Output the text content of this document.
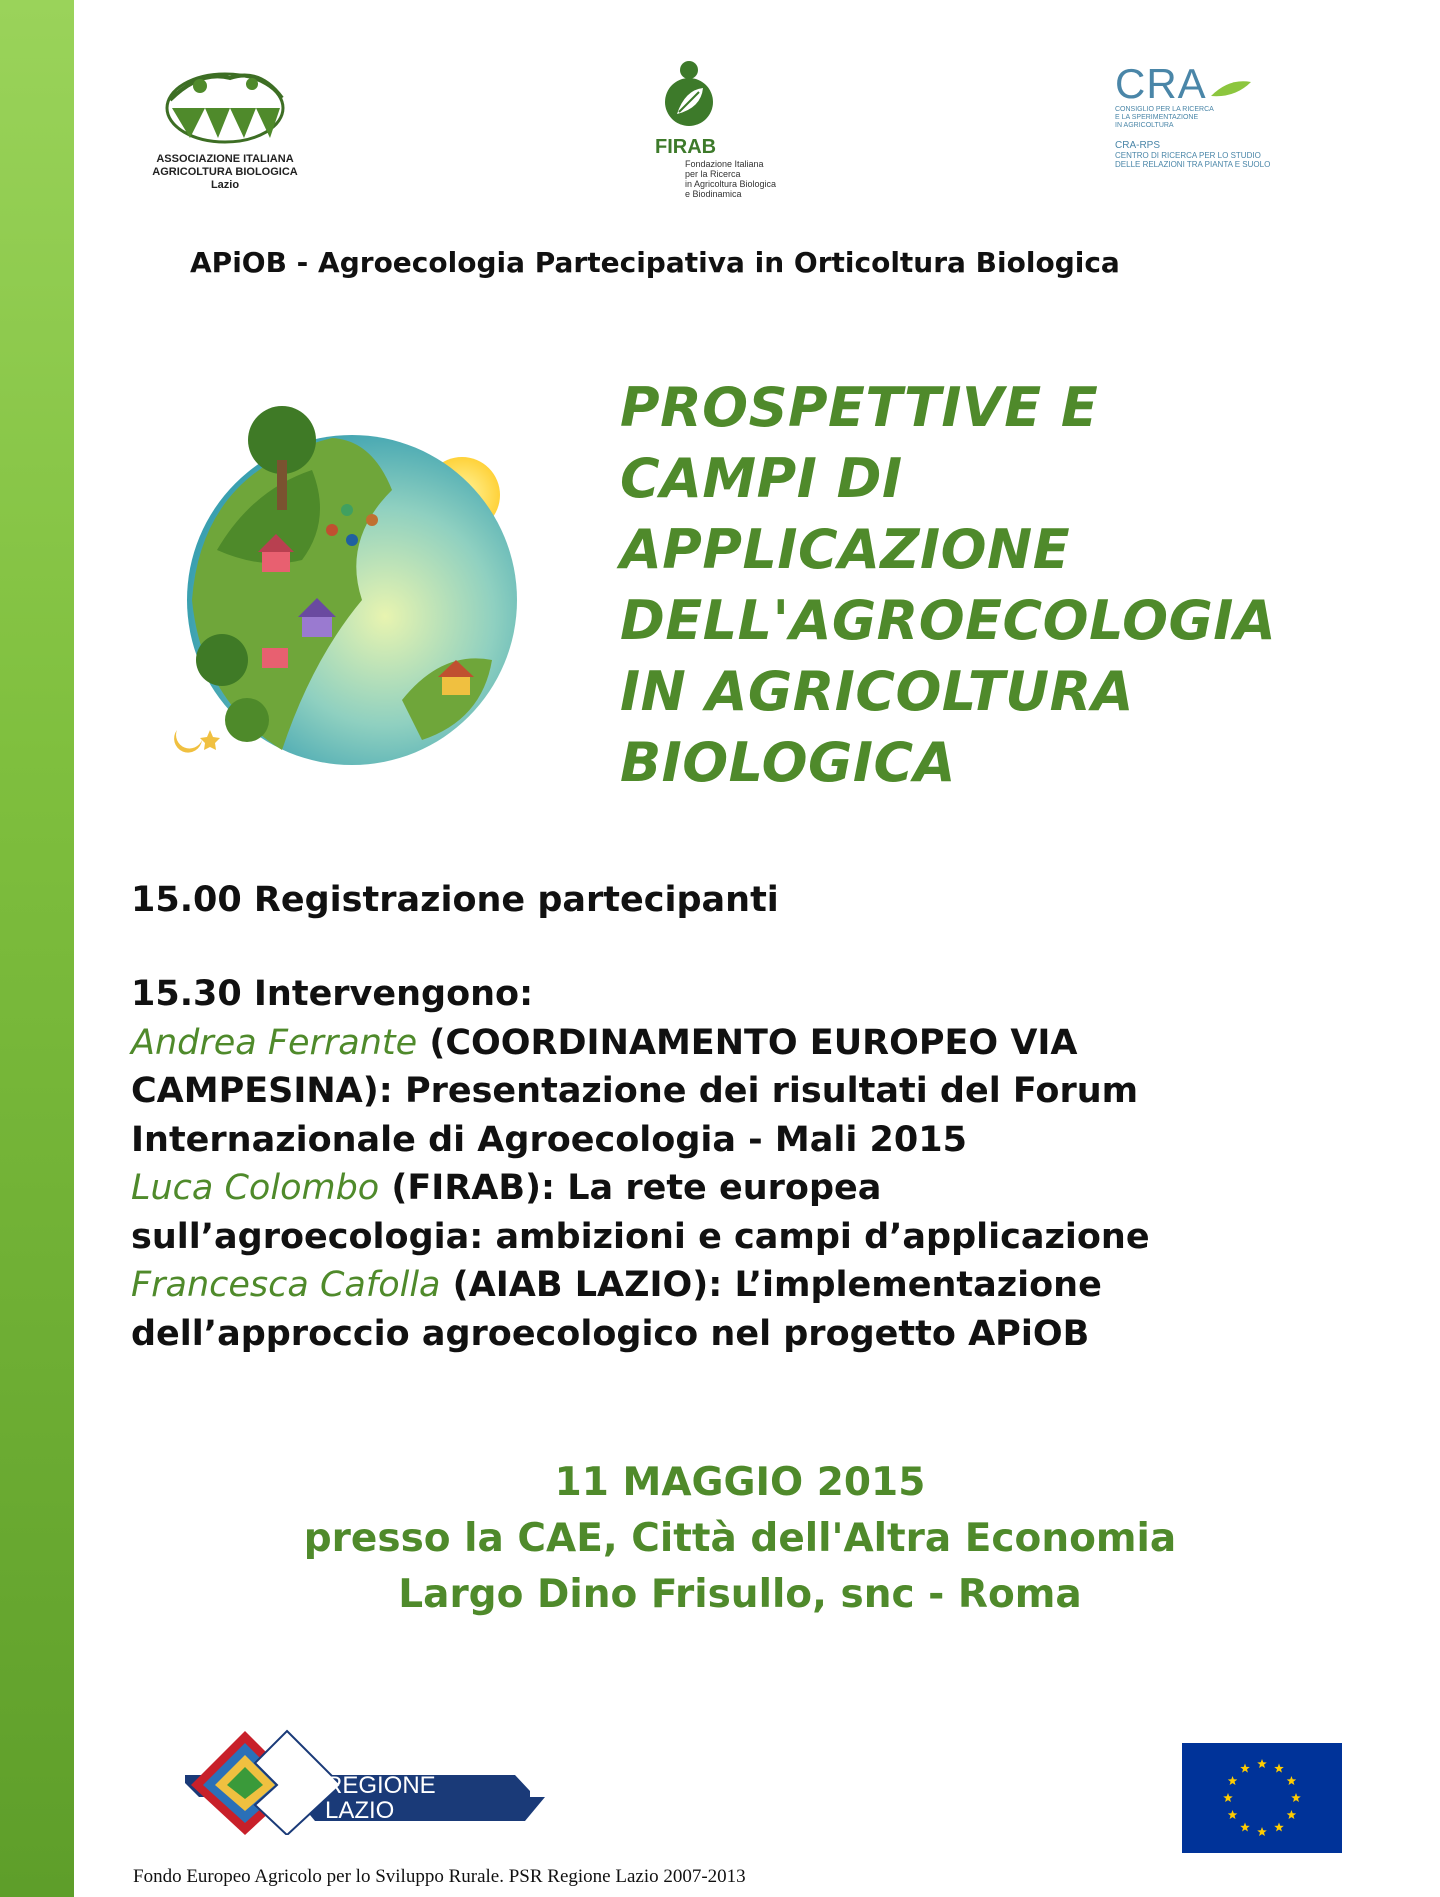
ASSOCIAZIONE ITALIANA
AGRICOLTURA BIOLOGICA
Lazio
FIRAB
Fondazione Italiana
per la Ricerca
in Agricoltura Biologica
e Biodinamica
CRA
CONSIGLIO PER LA RICERCA
E LA SPERIMENTAZIONE
IN AGRICOLTURA
CRA-RPS
CENTRO DI RICERCA PER LO STUDIO
DELLE RELAZIONI TRA PIANTA E SUOLO
APiOB - Agroecologia Partecipativa in Orticoltura Biologica
PROSPETTIVE E
CAMPI DI
APPLICAZIONE
DELL'AGROECOLOGIA
IN AGRICOLTURA
BIOLOGICA
15.00 Registrazione partecipanti
15.30 Intervengono:
Andrea Ferrante (COORDINAMENTO EUROPEO VIA
CAMPESINA): Presentazione dei risultati del Forum
Internazionale di Agroecologia - Mali 2015
Luca Colombo (FIRAB): La rete europea
sull’agroecologia: ambizioni e campi d’applicazione
Francesca Cafolla (AIAB LAZIO): L’implementazione
dell’approccio agroecologico nel progetto APiOB
11 MAGGIO 2015
presso la CAE, Città dell'Altra Economia
Largo Dino Frisullo, snc - Roma
REGIONE
LAZIO
Fondo Europeo Agricolo per lo Sviluppo Rurale. PSR Regione Lazio 2007-2013
